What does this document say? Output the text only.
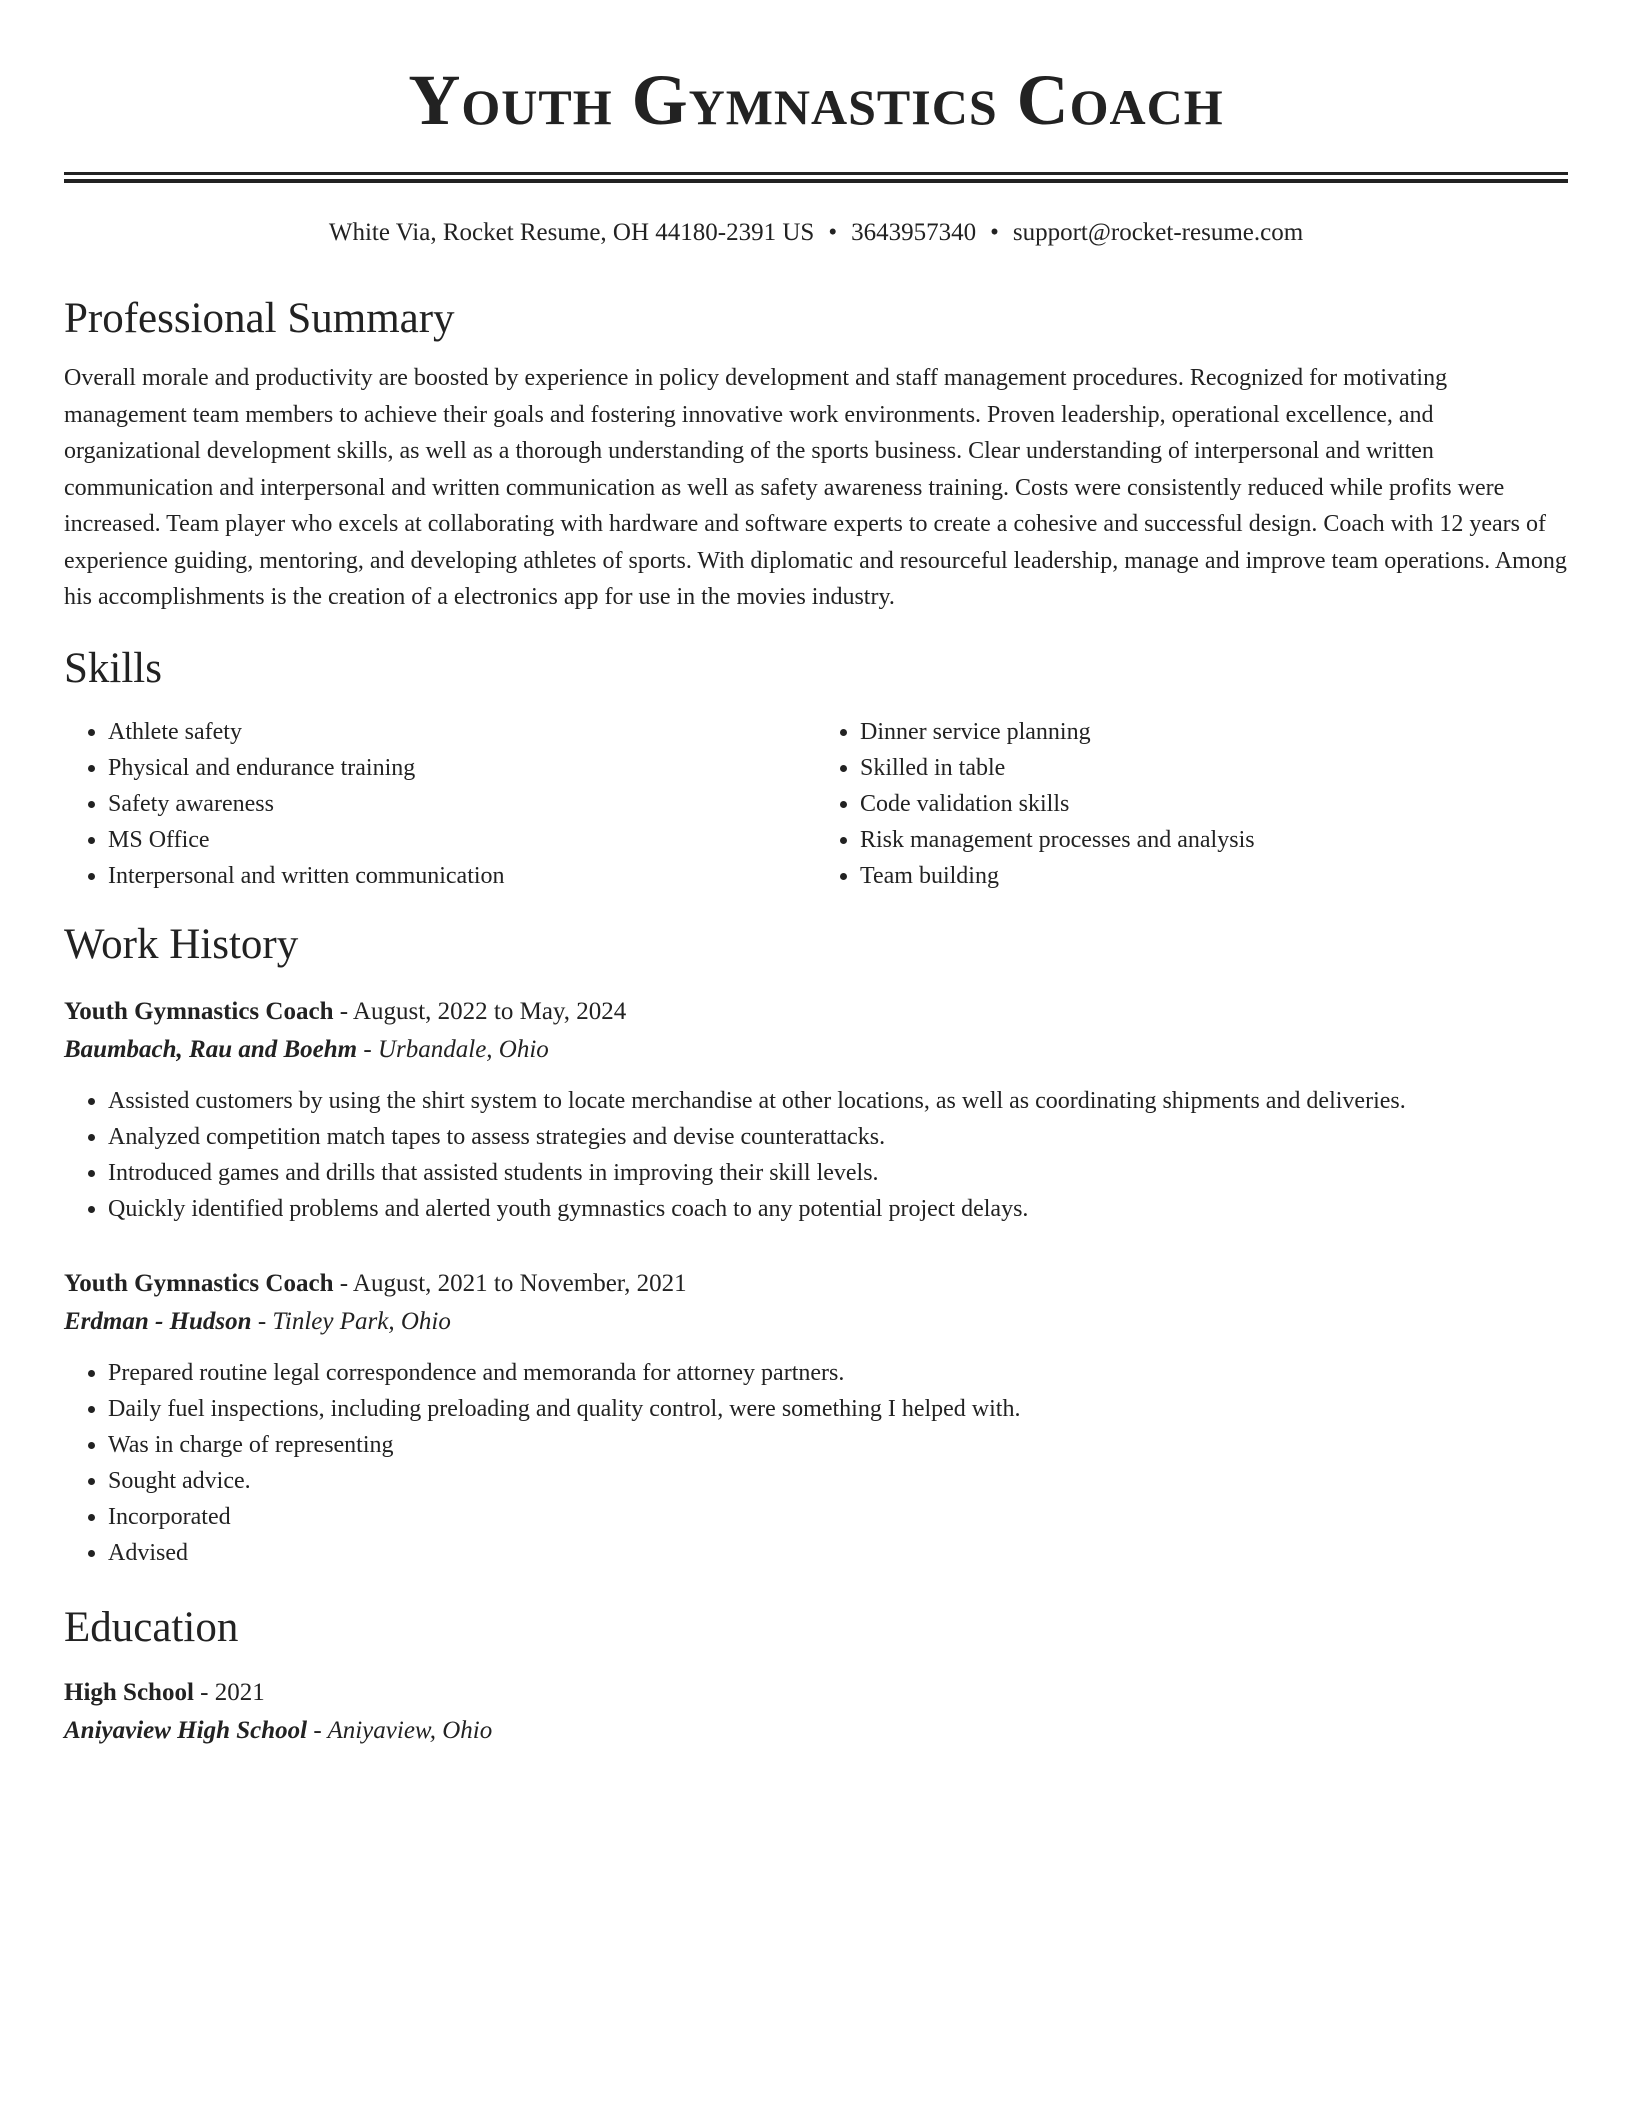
Youth Gymnastics Coach
White Via, Rocket Resume, OH 44180-2391 US • 3643957340 • support@rocket-resume.com
Professional Summary

Overall morale and productivity are boosted by experience in policy development and staff management procedures. Recognized for motivating management team members to achieve their goals and fostering innovative work environments. Proven leadership, operational excellence, and organizational development skills, as well as a thorough understanding of the sports business. Clear understanding of interpersonal and written communication and interpersonal and written communication as well as safety awareness training. Costs were consistently reduced while profits were increased. Team player who excels at collaborating with hardware and software experts to create a cohesive and successful design. Coach with 12 years of experience guiding, mentoring, and developing athletes of sports. With diplomatic and resourceful leadership, manage and improve team operations. Among his accomplishments is the creation of a electronics app for use in the movies industry.

Skills
• Athlete safety
• Physical and endurance training
• Safety awareness
• MS Office
• Interpersonal and written communication
• Dinner service planning
• Skilled in table
• Code validation skills
• Risk management processes and analysis
• Team building
Work History
Youth Gymnastics Coach - August, 2022 to May, 2024
Baumbach, Rau and Boehm - Urbandale, Ohio
• Assisted customers by using the shirt system to locate merchandise at other locations, as well as coordinating shipments and deliveries.
• Analyzed competition match tapes to assess strategies and devise counterattacks.
• Introduced games and drills that assisted students in improving their skill levels.
• Quickly identified problems and alerted youth gymnastics coach to any potential project delays.
Youth Gymnastics Coach - August, 2021 to November, 2021
Erdman - Hudson - Tinley Park, Ohio
• Prepared routine legal correspondence and memoranda for attorney partners.
• Daily fuel inspections, including preloading and quality control, were something I helped with.
• Was in charge of representing
• Sought advice.
• Incorporated
• Advised
Education
High School - 2021
Aniyaview High School - Aniyaview, Ohio
